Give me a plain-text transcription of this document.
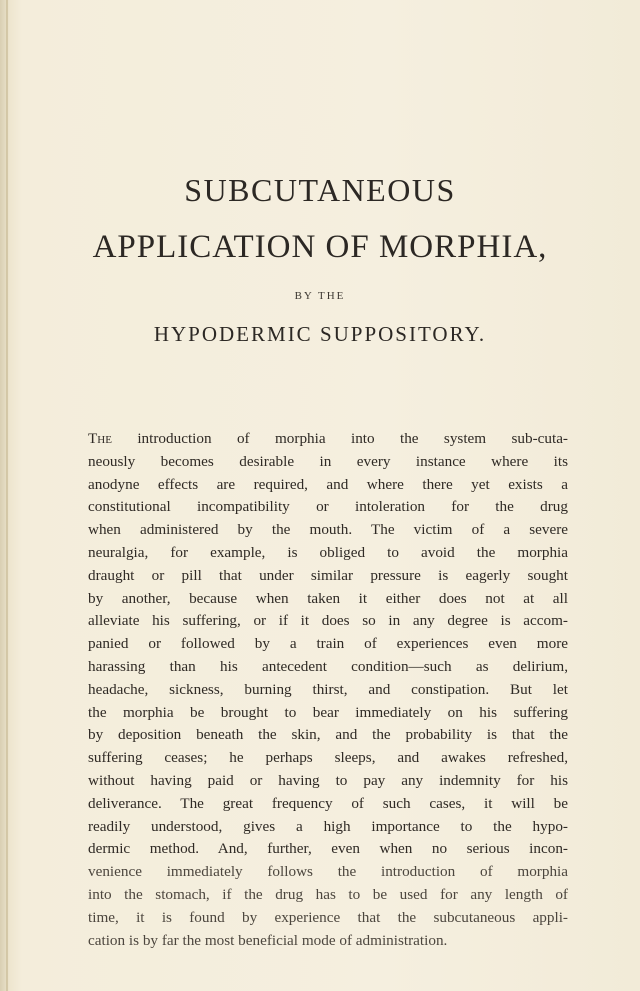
SUBCUTANEOUS
APPLICATION OF MORPHIA,
BY THE
HYPODERMIC SUPPOSITORY.
The introduction of morphia into the system sub-cuta-
neously becomes desirable in every instance where its
anodyne effects are required, and where there yet exists a
constitutional incompatibility or intoleration for the drug
when administered by the mouth. The victim of a severe
neuralgia, for example, is obliged to avoid the morphia
draught or pill that under similar pressure is eagerly sought
by another, because when taken it either does not at all
alleviate his suffering, or if it does so in any degree is accom-
panied or followed by a train of experiences even more
harassing than his antecedent condition—such as delirium,
headache, sickness, burning thirst, and constipation. But let
the morphia be brought to bear immediately on his suffering
by deposition beneath the skin, and the probability is that the
suffering ceases; he perhaps sleeps, and awakes refreshed,
without having paid or having to pay any indemnity for his
deliverance. The great frequency of such cases, it will be
readily understood, gives a high importance to the hypo-
dermic method. And, further, even when no serious incon-
venience immediately follows the introduction of morphia
into the stomach, if the drug has to be used for any length of
time, it is found by experience that the subcutaneous appli-
cation is by far the most beneficial mode of administration.
